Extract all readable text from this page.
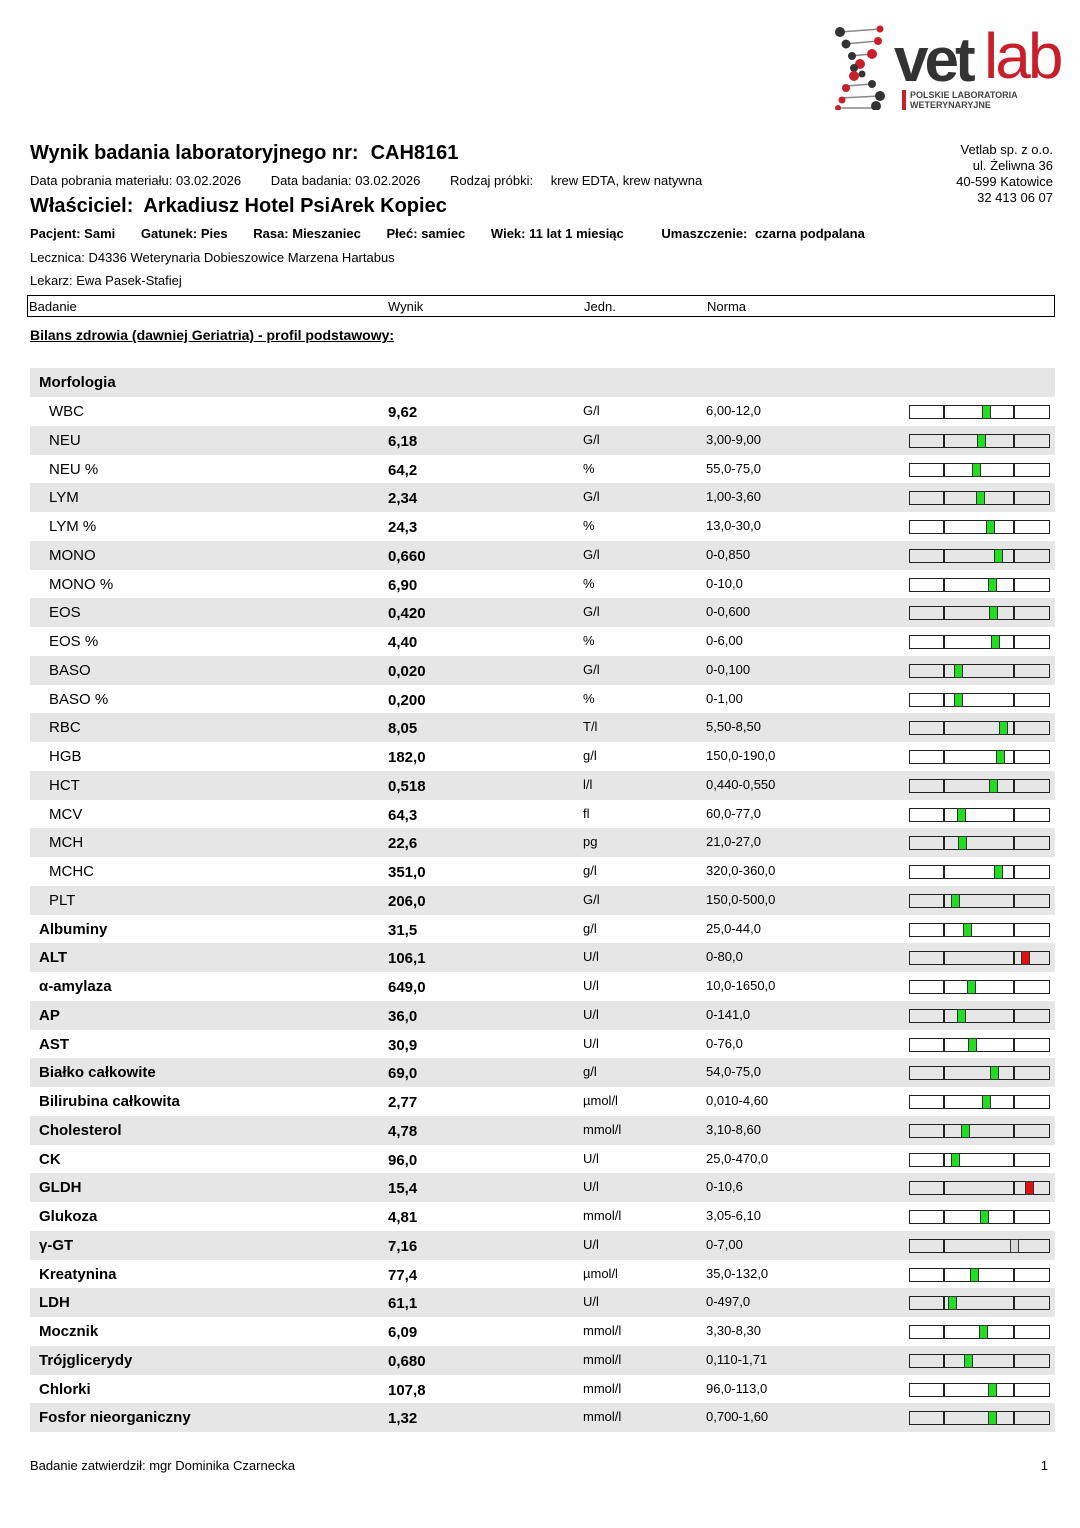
vet lab
POLSKIE LABORATORIA
WETERYNARYJNE
Wynik badania laboratoryjnego nr: CAH8161
Data pobrania materiału: 03.02.2026 Data badania: 03.02.2026 Rodzaj próbki: krew EDTA, krew natywna
Właściciel: Arkadiusz Hotel PsiArek Kopiec
Pacjent: Sami Gatunek: Pies Rasa: Mieszaniec Płeć: samiec Wiek: 11 lat 1 miesiąc	Umaszczenie: czarna podpalana
Lecznica: D4336 Weterynaria Dobieszowice Marzena Hartabus
Lekarz: Ewa Pasek-Stafiej
Vetlab sp. z o.o.
ul. Żeliwna 36
40-599 Katowice
32 413 06 07
Badanie	Wynik	Jedn.	Norma
Bilans zdrowia (dawniej Geriatria) - profil podstawowy:
Morfologia
WBC	9,62	G/l	6,00-12,0
NEU	6,18	G/l	3,00-9,00
NEU %	64,2	%	55,0-75,0
LYM	2,34	G/l	1,00-3,60
LYM %	24,3	%	13,0-30,0
MONO	0,660	G/l	0-0,850
MONO %	6,90	%	0-10,0
EOS	0,420	G/l	0-0,600
EOS %	4,40	%	0-6,00
BASO	0,020	G/l	0-0,100
BASO %	0,200	%	0-1,00
RBC	8,05	T/l	5,50-8,50
HGB	182,0	g/l	150,0-190,0
HCT	0,518	l/l	0,440-0,550
MCV	64,3	fl	60,0-77,0
MCH	22,6	pg	21,0-27,0
MCHC	351,0	g/l	320,0-360,0
PLT	206,0	G/l	150,0-500,0
Albuminy	31,5	g/l	25,0-44,0
ALT	106,1	U/l	0-80,0
α-amylaza	649,0	U/l	10,0-1650,0
AP	36,0	U/l	0-141,0
AST	30,9	U/l	0-76,0
Białko całkowite	69,0	g/l	54,0-75,0
Bilirubina całkowita	2,77	µmol/l	0,010-4,60
Cholesterol	4,78	mmol/l	3,10-8,60
CK	96,0	U/l	25,0-470,0
GLDH	15,4	U/l	0-10,6
Glukoza	4,81	mmol/l	3,05-6,10
γ-GT	7,16	U/l	0-7,00
Kreatynina	77,4	µmol/l	35,0-132,0
LDH	61,1	U/l	0-497,0
Mocznik	6,09	mmol/l	3,30-8,30
Trójglicerydy	0,680	mmol/l	0,110-1,71
Chlorki	107,8	mmol/l	96,0-113,0
Fosfor nieorganiczny	1,32	mmol/l	0,700-1,60
Badanie zatwierdził: mgr Dominika Czarnecka	1
